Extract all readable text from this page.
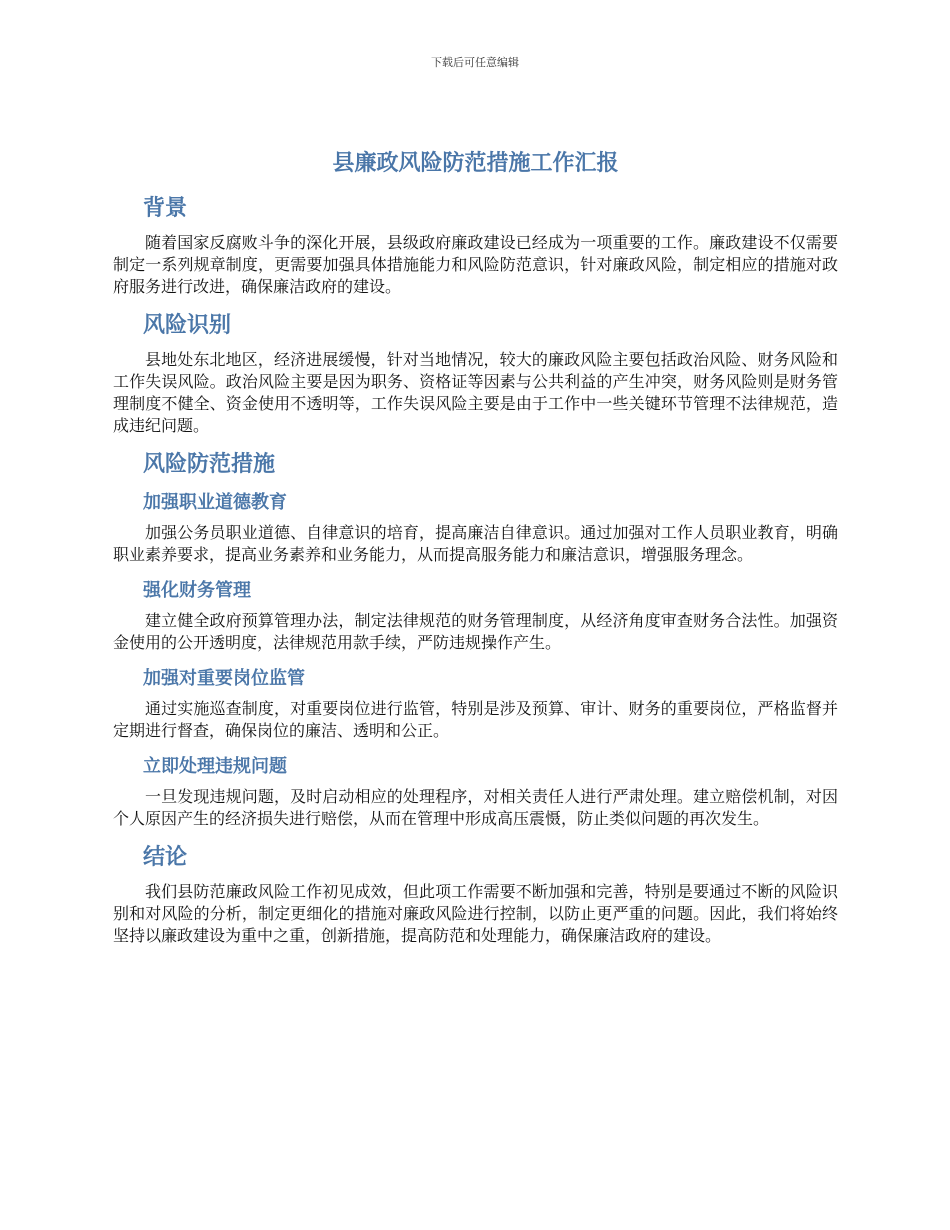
下载后可任意编辑
县廉政风险防范措施工作汇报
背景

随着国家反腐败斗争的深化开展，县级政府廉政建设已经成为一项重要的工作。廉政建设不仅需要制定一系列规章制度，更需要加强具体措施能力和风险防范意识，针对廉政风险，制定相应的措施对政府服务进行改进，确保廉洁政府的建设。

风险识别

县地处东北地区，经济进展缓慢，针对当地情况，较大的廉政风险主要包括政治风险、财务风险和工作失误风险。政治风险主要是因为职务、资格证等因素与公共利益的产生冲突，财务风险则是财务管理制度不健全、资金使用不透明等，工作失误风险主要是由于工作中一些关键环节管理不法律规范，造成违纪问题。

风险防范措施
加强职业道德教育

加强公务员职业道德、自律意识的培育，提高廉洁自律意识。通过加强对工作人员职业教育，明确职业素养要求，提高业务素养和业务能力，从而提高服务能力和廉洁意识，增强服务理念。

强化财务管理

建立健全政府预算管理办法，制定法律规范的财务管理制度，从经济角度审查财务合法性。加强资金使用的公开透明度，法律规范用款手续，严防违规操作产生。

加强对重要岗位监管

通过实施巡查制度，对重要岗位进行监管，特别是涉及预算、审计、财务的重要岗位，严格监督并定期进行督查，确保岗位的廉洁、透明和公正。

立即处理违规问题

一旦发现违规问题，及时启动相应的处理程序，对相关责任人进行严肃处理。建立赔偿机制，对因个人原因产生的经济损失进行赔偿，从而在管理中形成高压震慑，防止类似问题的再次发生。

结论

我们县防范廉政风险工作初见成效，但此项工作需要不断加强和完善，特别是要通过不断的风险识别和对风险的分析，制定更细化的措施对廉政风险进行控制，以防止更严重的问题。因此，我们将始终坚持以廉政建设为重中之重，创新措施，提高防范和处理能力，确保廉洁政府的建设。
